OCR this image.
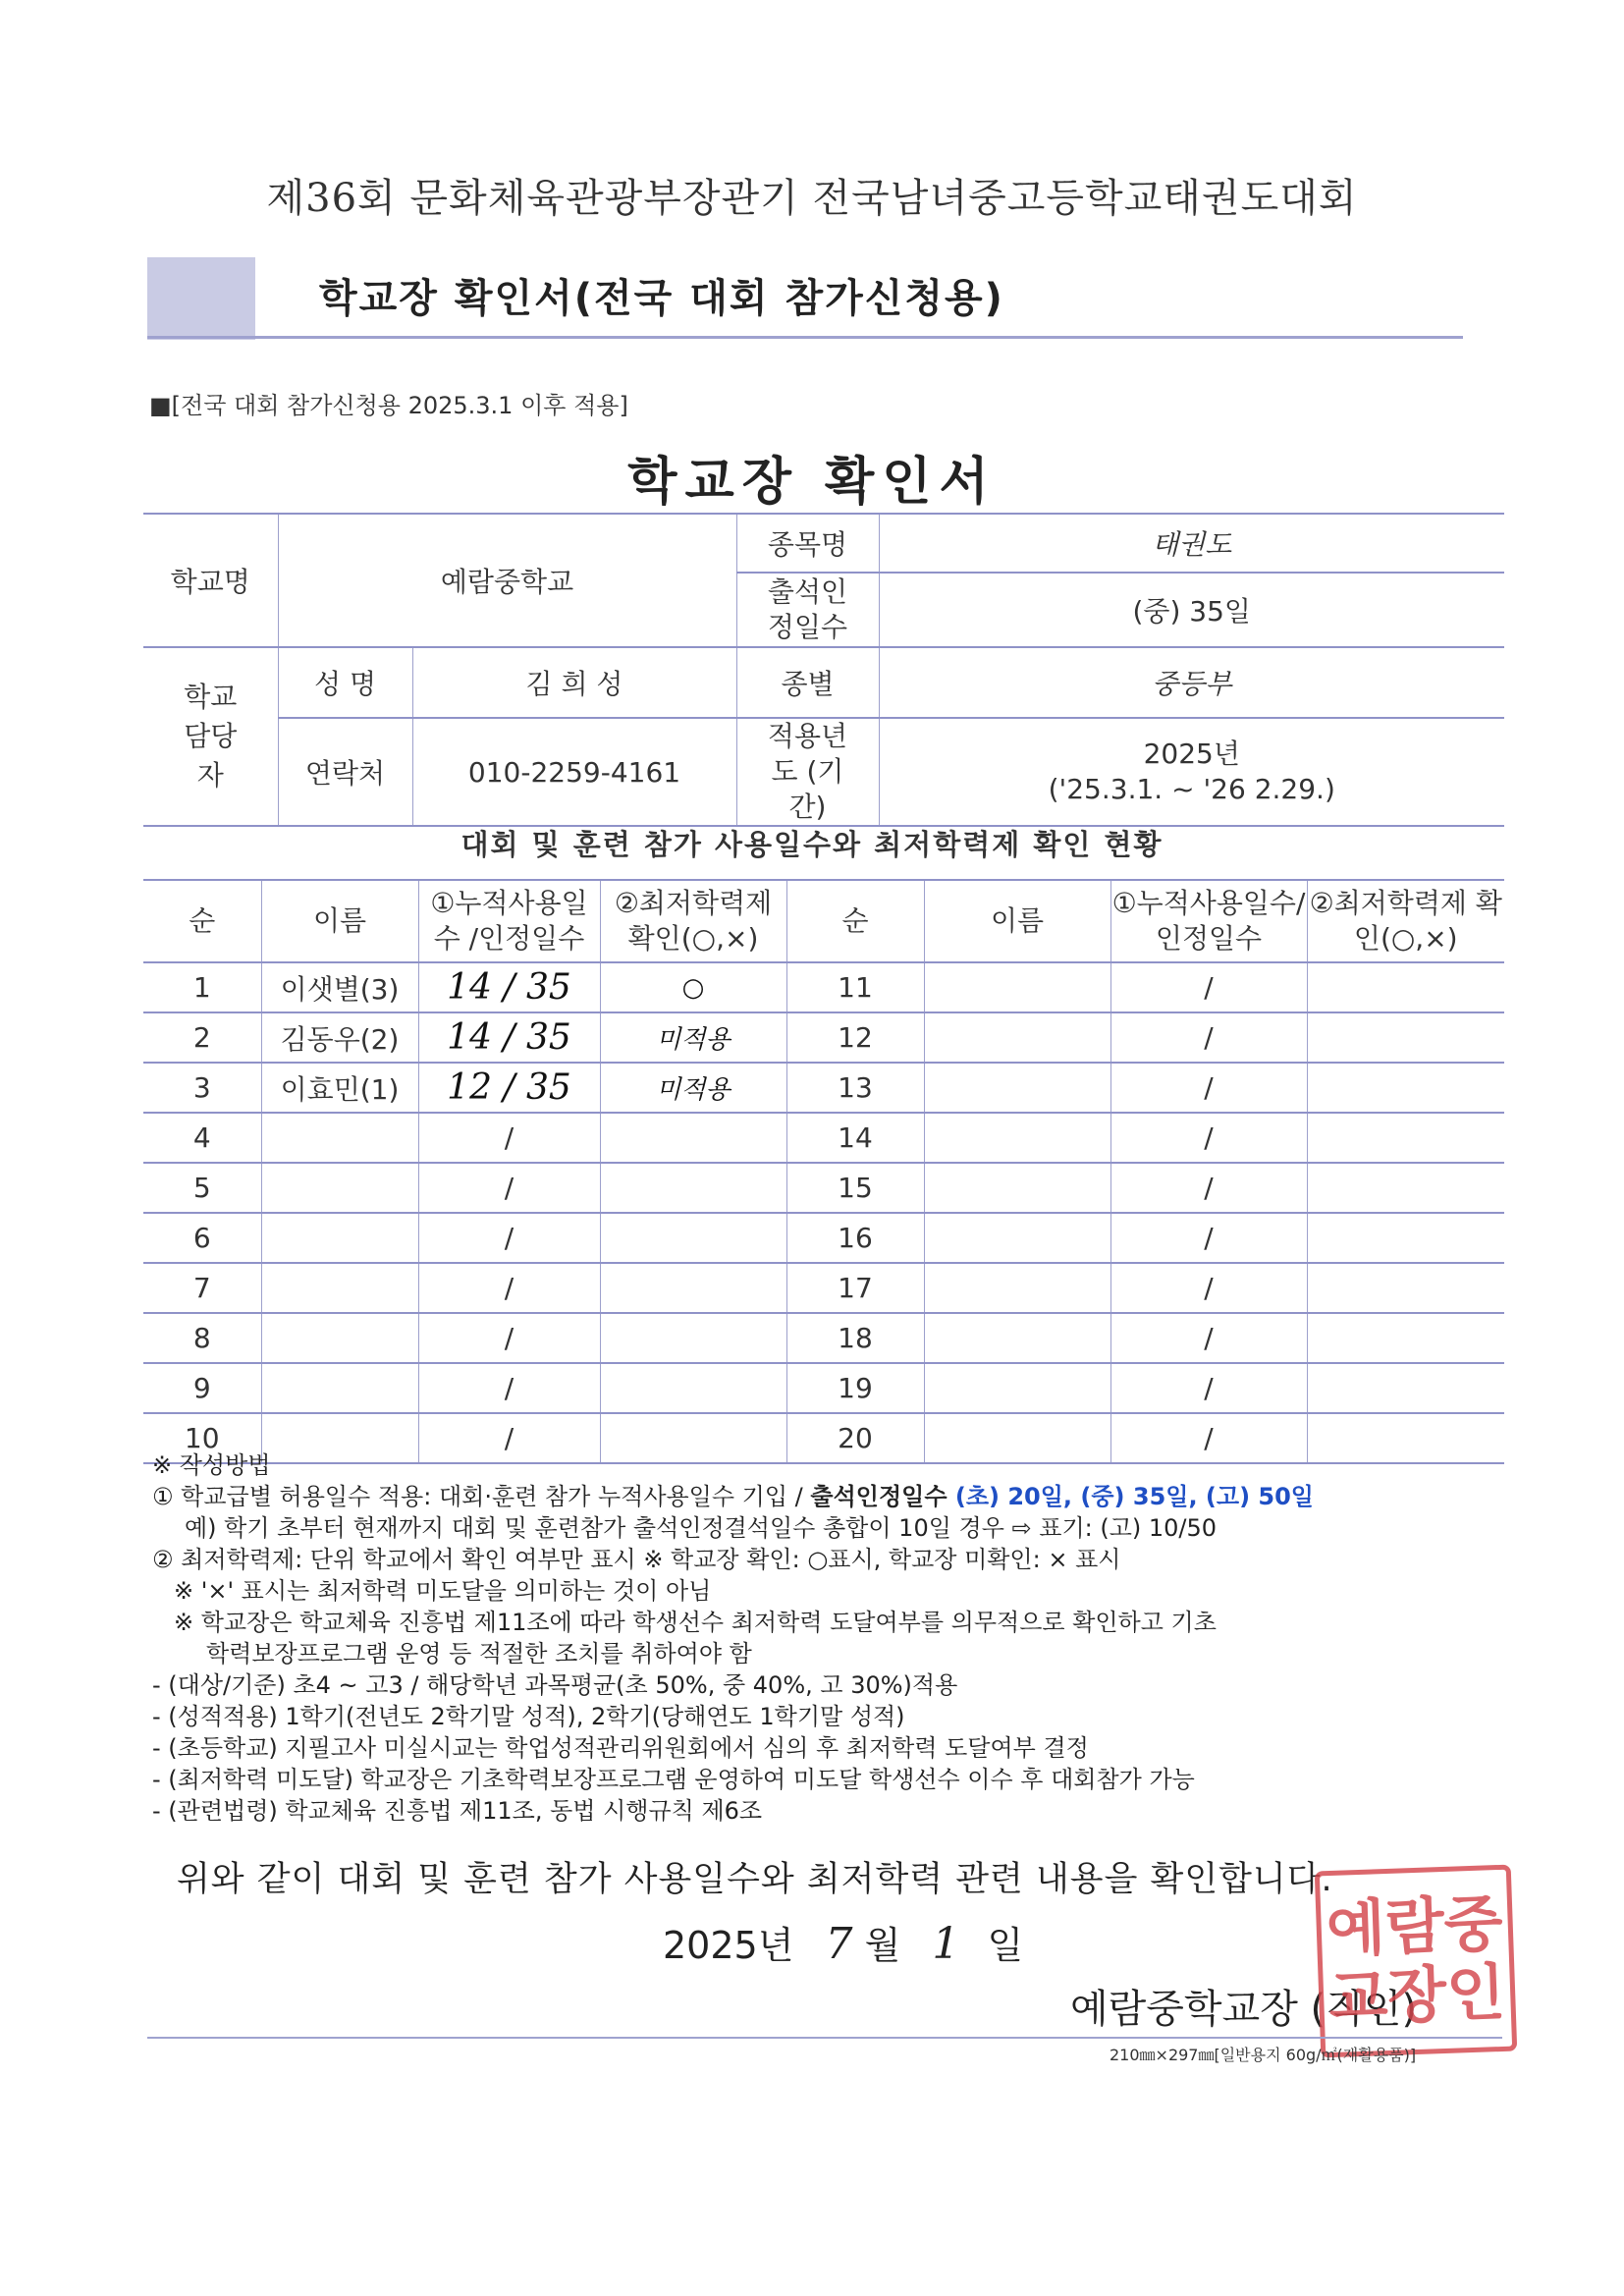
제36회 문화체육관광부장관기 전국남녀중고등학교태권도대회
학교장 확인서(전국 대회 참가신청용)
■[전국 대회 참가신청용 2025.3.1 이후 적용]
학교장 확인서
학교명	예람중학교		종목명	태권도
			출석인정일수	(중) 35일
학교 담당자	성 명	김 희 성	종별	중등부
	연락처	010-2259-4161	적용년도 (기간)	2025년
('25.3.1. ~ '26 2.29.)
대회 및 훈련 참가 사용일수와 최저학력제 확인 현황
순	이름	①누적사용일수 /인정일수	②최저학력제 확인(○,×)	순	이름	①누적사용일수/ 인정일수	②최저학력제 확인(○,×)
1	이샛별(3)	14 / 35	○	11		/	
2	김동우(2)	14 / 35	미적용	12		/	
3	이효민(1)	12 / 35	미적용	13		/	
4		/		14		/	
5		/		15		/	
6		/		16		/	
7		/		17		/	
8		/		18		/	
9		/		19		/	
10		/		20		/	
※ 작성방법
① 학교급별 허용일수 적용: 대회·훈련 참가 누적사용일수 기입 / 출석인정일수 (초) 20일, (중) 35일, (고) 50일
예) 학기 초부터 현재까지 대회 및 훈련참가 출석인정결석일수 총합이 10일 경우 ⇨ 표기: (고) 10/50
② 최저학력제: 단위 학교에서 확인 여부만 표시 ※ 학교장 확인: ○표시, 학교장 미확인: × 표시
※ '×' 표시는 최저학력 미도달을 의미하는 것이 아님
※ 학교장은 학교체육 진흥법 제11조에 따라 학생선수 최저학력 도달여부를 의무적으로 확인하고 기초
학력보장프로그램 운영 등 적절한 조치를 취하여야 함
- (대상/기준) 초4 ~ 고3 / 해당학년 과목평균(초 50%, 중 40%, 고 30%)적용
- (성적적용) 1학기(전년도 2학기말 성적), 2학기(당해연도 1학기말 성적)
- (초등학교) 지필고사 미실시교는 학업성적관리위원회에서 심의 후 최저학력 도달여부 결정
- (최저학력 미도달) 학교장은 기초학력보장프로그램 운영하여 미도달 학생선수 이수 후 대회참가 가능
- (관련법령) 학교체육 진흥법 제11조, 동법 시행규칙 제6조
위와 같이 대회 및 훈련 참가 사용일수와 최저학력 관련 내용을 확인합니다.
2025년 7 월 1 일
예람중학교장 (직인)
예람중
교장인
210㎜×297㎜[일반용지 60g/㎡(재활용품)]
